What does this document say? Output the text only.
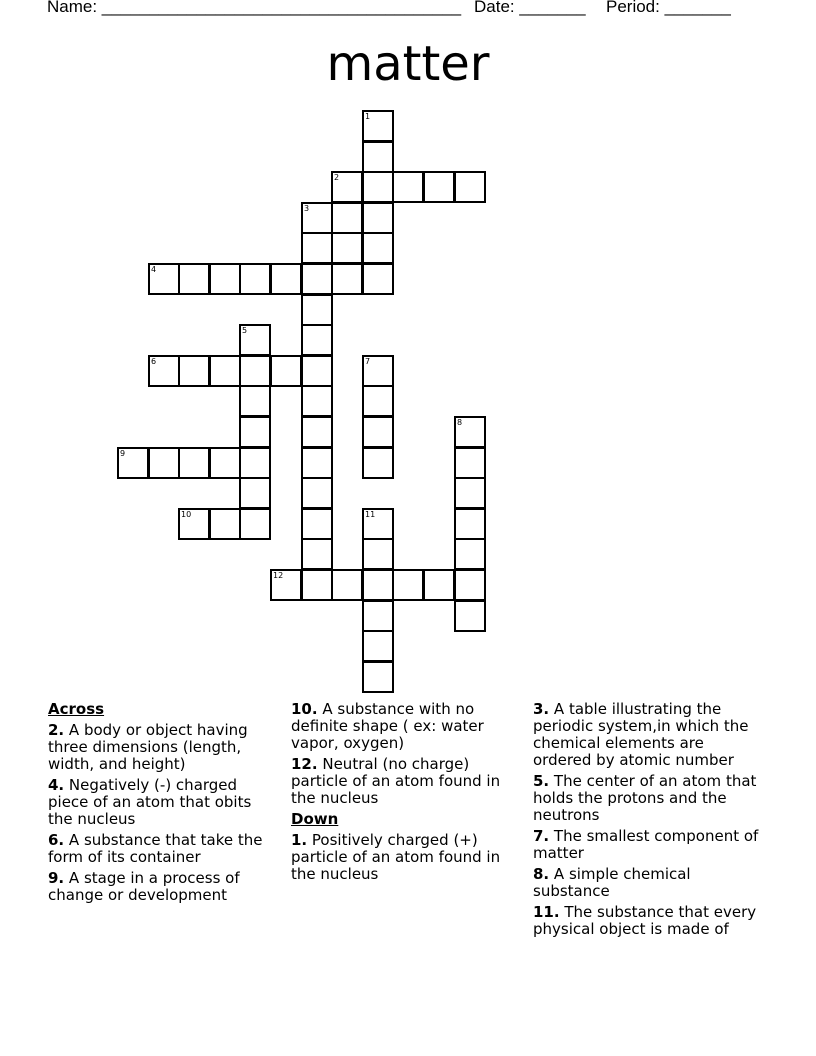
Name: ______________________________________ Date: _______ Period: _______
matter
1
2
3
4
5
6	7
8
9
10	11
12
Across
2. A body or object having three dimensions (length, width, and height)
4. Negatively (-) charged piece of an atom that obits the nucleus
6. A substance that take the form of its container
9. A stage in a process of change or development
10. A substance with no definite shape ( ex: water vapor, oxygen)
12. Neutral (no charge) particle of an atom found in the nucleus
Down
1. Positively charged (+) particle of an atom found in the nucleus
3. A table illustrating the periodic system,in which the chemical elements are ordered by atomic number
5. The center of an atom that holds the protons and the neutrons
7. The smallest component of matter
8. A simple chemical substance
11. The substance that every physical object is made of
